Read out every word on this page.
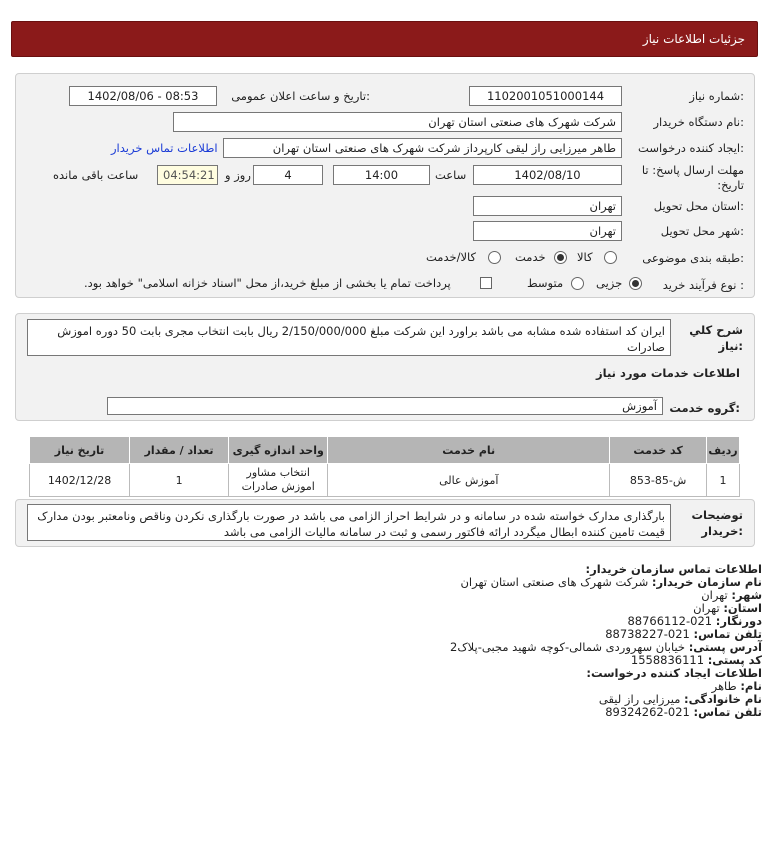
جزئیات اطلاعات نیاز
شماره نیاز:
1102001051000144
تاریخ و ساعت اعلان عمومی:
1402/08/06 - 08:53
نام دستگاه خریدار:
شرکت شهرک های صنعتی استان تهران
ایجاد کننده درخواست:
طاهر میرزایی راز لیقی کارپرداز شرکت شهرک های صنعتی استان تهران
اطلاعات تماس خریدار
مهلت ارسال پاسخ: تا تاریخ:
1402/08/10
ساعت
14:00
4
روز و
04:54:21
ساعت باقی مانده
استان محل تحویل:
تهران
شهر محل تحویل:
تهران
طبقه بندی موضوعی:
کالا
خدمت
کالا/خدمت
نوع فرآیند خرید :
جزیی
متوسط
پرداخت تمام یا بخشی از مبلغ خرید،از محل "اسناد خزانه اسلامی" خواهد بود.
شرح کلي
نياز:
ایران کد استفاده شده مشابه می باشد براورد این شرکت مبلغ 2/150/000/000 ریال بابت انتخاب مجری بابت 50 دوره اموزش صادرات
اطلاعات خدمات مورد نیاز
گروه خدمت:
آموزش
ردیف	کد خدمت	نام خدمت	واحد اندازه گیری	تعداد / مقدار	تاریخ نیاز
1	ش-85-853	آموزش عالی	انتخاب مشاور اموزش صادرات	1	1402/12/28
توضیحات
خریدار:
بارگذاری مدارک خواسته شده در سامانه و در شرایط احراز الزامی می باشد در صورت بارگذاری نکردن وناقص ونامعتبر بودن مدارک قیمت تامین کننده ابطال میگردد ارائه فاکتور رسمی و ثبت در سامانه مالیات الزامی می باشد
اطلاعات تماس سازمان خریدار:
نام سازمان خریدار: شرکت شهرک های صنعتی استان تهران
شهر: تهران
استان: تهران
دورنگار: 021-88766112
تلفن تماس: 021-88738227
آدرس پستی: خیابان سهروردی شمالی-کوچه شهید مجبی-پلاک2
کد پستی: 1558836111
اطلاعات ایجاد کننده درخواست:
نام: طاهر
نام خانوادگی: میرزایی راز لیقی
تلفن تماس: 021-89324262
